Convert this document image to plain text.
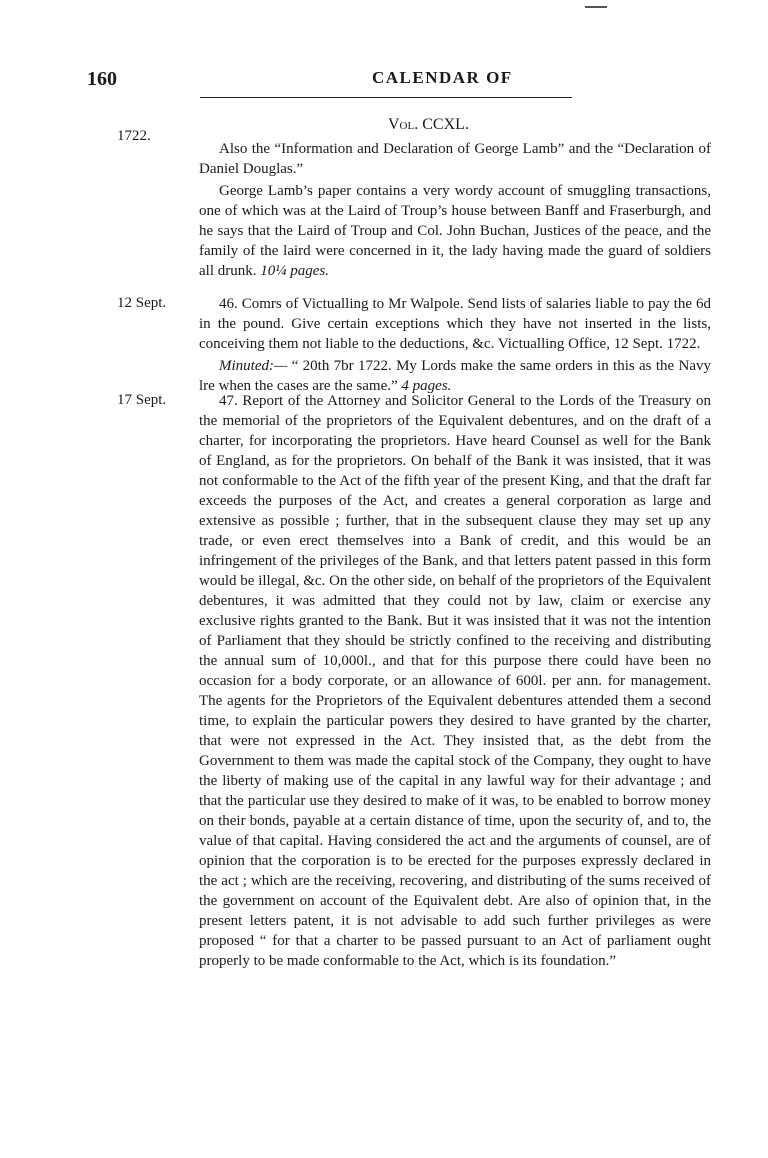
160	CALENDAR OF
Vol. CCXL.
1722.
12 Sept.
17 Sept.

Also the “Information and Declaration of George Lamb” and the “Declaration of Daniel Douglas.”

George Lamb’s paper contains a very wordy account of smuggling transactions, one of which was at the Laird of Troup’s house between Banff and Fraserburgh, and he says that the Laird of Troup and Col. John Buchan, Justices of the peace, and the family of the laird were concerned in it, the lady having made the guard of soldiers all drunk. 10¼ pages.

46. Comrs of Victualling to Mr Walpole. Send lists of salaries liable to pay the 6d in the pound. Give certain exceptions which they have not inserted in the lists, conceiving them not liable to the deductions, &c. Victualling Office, 12 Sept. 1722.

Minuted:— “ 20th 7br 1722. My Lords make the same orders in this as the Navy lre when the cases are the same.” 4 pages.

47. Report of the Attorney and Solicitor General to the Lords of the Treasury on the memorial of the proprietors of the Equivalent debentures, and on the draft of a charter, for incorporating the proprietors. Have heard Counsel as well for the Bank of England, as for the proprietors. On behalf of the Bank it was insisted, that it was not conformable to the Act of the fifth year of the present King, and that the draft far exceeds the purposes of the Act, and creates a general corporation as large and extensive as possible ; further, that in the subsequent clause they may set up any trade, or even erect themselves into a Bank of credit, and this would be an infringement of the privileges of the Bank, and that letters patent passed in this form would be illegal, &c. On the other side, on behalf of the proprietors of the Equivalent debentures, it was admitted that they could not by law, claim or exercise any exclusive rights granted to the Bank. But it was insisted that it was not the intention of Parliament that they should be strictly confined to the receiving and distributing the annual sum of 10,000l., and that for this purpose there could have been no occasion for a body corporate, or an allowance of 600l. per ann. for management. The agents for the Proprietors of the Equivalent debentures attended them a second time, to explain the particular powers they desired to have granted by the charter, that were not expressed in the Act. They insisted that, as the debt from the Government to them was made the capital stock of the Company, they ought to have the liberty of making use of the capital in any lawful way for their advantage ; and that the particular use they desired to make of it was, to be enabled to borrow money on their bonds, payable at a certain distance of time, upon the security of, and to, the value of that capital. Having considered the act and the arguments of counsel, are of opinion that the corporation is to be erected for the purposes expressly declared in the act ; which are the receiving, recovering, and distributing of the sums received of the government on account of the Equivalent debt. Are also of opinion that, in the present letters patent, it is not advisable to add such further privileges as were proposed “ for that a charter to be passed pursuant to an Act of parliament ought properly to be made conformable to the Act, which is its foundation.”
